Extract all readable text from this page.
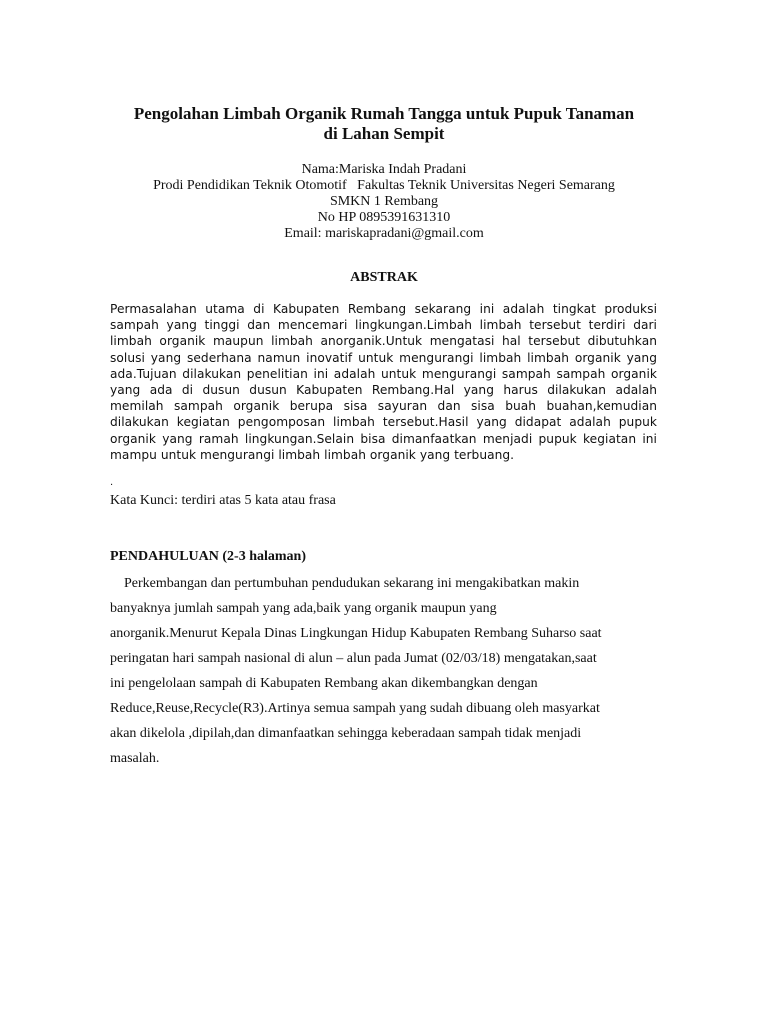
Pengolahan Limbah Organik Rumah Tangga untuk Pupuk Tanaman
di Lahan Sempit
Nama:Mariska Indah Pradani
Prodi Pendidikan Teknik Otomotif   Fakultas Teknik Universitas Negeri Semarang
SMKN 1 Rembang
No HP 0895391631310
Email: mariskapradani@gmail.com
ABSTRAK
Permasalahan utama di Kabupaten Rembang sekarang ini adalah tingkat produksi sampah yang tinggi dan mencemari lingkungan.Limbah limbah tersebut terdiri dari limbah organik maupun limbah anorganik.Untuk mengatasi hal tersebut dibutuhkan solusi yang sederhana namun inovatif untuk mengurangi limbah limbah organik yang ada.Tujuan dilakukan penelitian ini adalah untuk mengurangi sampah sampah organik yang ada di dusun dusun Kabupaten Rembang.Hal yang harus dilakukan adalah memilah sampah organik berupa sisa sayuran dan sisa buah buahan,kemudian dilakukan kegiatan pengomposan limbah tersebut.Hasil yang didapat adalah pupuk organik yang ramah lingkungan.Selain bisa dimanfaatkan menjadi pupuk kegiatan ini mampu untuk mengurangi limbah limbah organik yang terbuang.
.
Kata Kunci: terdiri atas 5 kata atau frasa
PENDAHULUAN (2-3 halaman)

Perkembangan dan pertumbuhan pendudukan sekarang ini mengakibatkan makin

banyaknya jumlah sampah yang ada,baik yang organik maupun yang

anorganik.Menurut Kepala Dinas Lingkungan Hidup Kabupaten Rembang Suharso saat

peringatan hari sampah nasional di alun – alun pada Jumat (02/03/18) mengatakan,saat

ini pengelolaan sampah di Kabupaten Rembang akan dikembangkan dengan

Reduce,Reuse,Recycle(R3).Artinya semua sampah yang sudah dibuang oleh masyarkat

akan dikelola ,dipilah,dan dimanfaatkan sehingga keberadaan sampah tidak menjadi

masalah.
